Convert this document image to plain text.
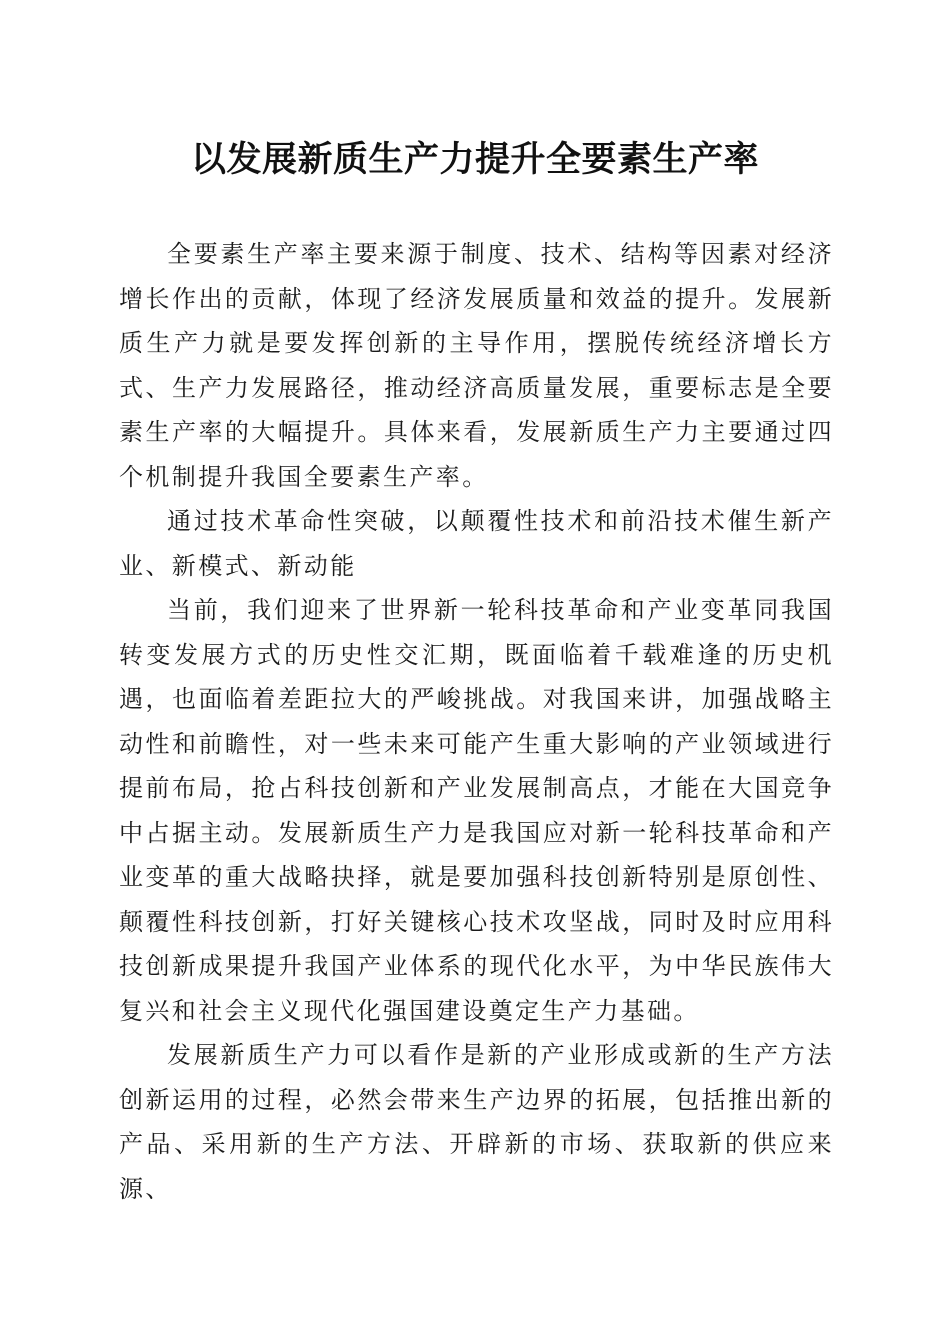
以发展新质生产力提升全要素生产率

全要素生产率主要来源于制度、技术、结构等因素对经济增长作出的贡献，体现了经济发展质量和效益的提升。发展新质生产力就是要发挥创新的主导作用，摆脱传统经济增长方式、生产力发展路径，推动经济高质量发展，重要标志是全要素生产率的大幅提升。具体来看，发展新质生产力主要通过四个机制提升我国全要素生产率。

通过技术革命性突破，以颠覆性技术和前沿技术催生新产业、新模式、新动能

当前，我们迎来了世界新一轮科技革命和产业变革同我国转变发展方式的历史性交汇期，既面临着千载难逢的历史机遇，也面临着差距拉大的严峻挑战。对我国来讲，加强战略主动性和前瞻性，对一些未来可能产生重大影响的产业领域进行提前布局，抢占科技创新和产业发展制高点，才能在大国竞争中占据主动。发展新质生产力是我国应对新一轮科技革命和产业变革的重大战略抉择，就是要加强科技创新特别是原创性、颠覆性科技创新，打好关键核心技术攻坚战，同时及时应用科技创新成果提升我国产业体系的现代化水平，为中华民族伟大复兴和社会主义现代化强国建设奠定生产力基础。

发展新质生产力可以看作是新的产业形成或新的生产方法创新运用的过程，必然会带来生产边界的拓展，包括推出新的产品、采用新的生产方法、开辟新的市场、获取新的供应来源、
